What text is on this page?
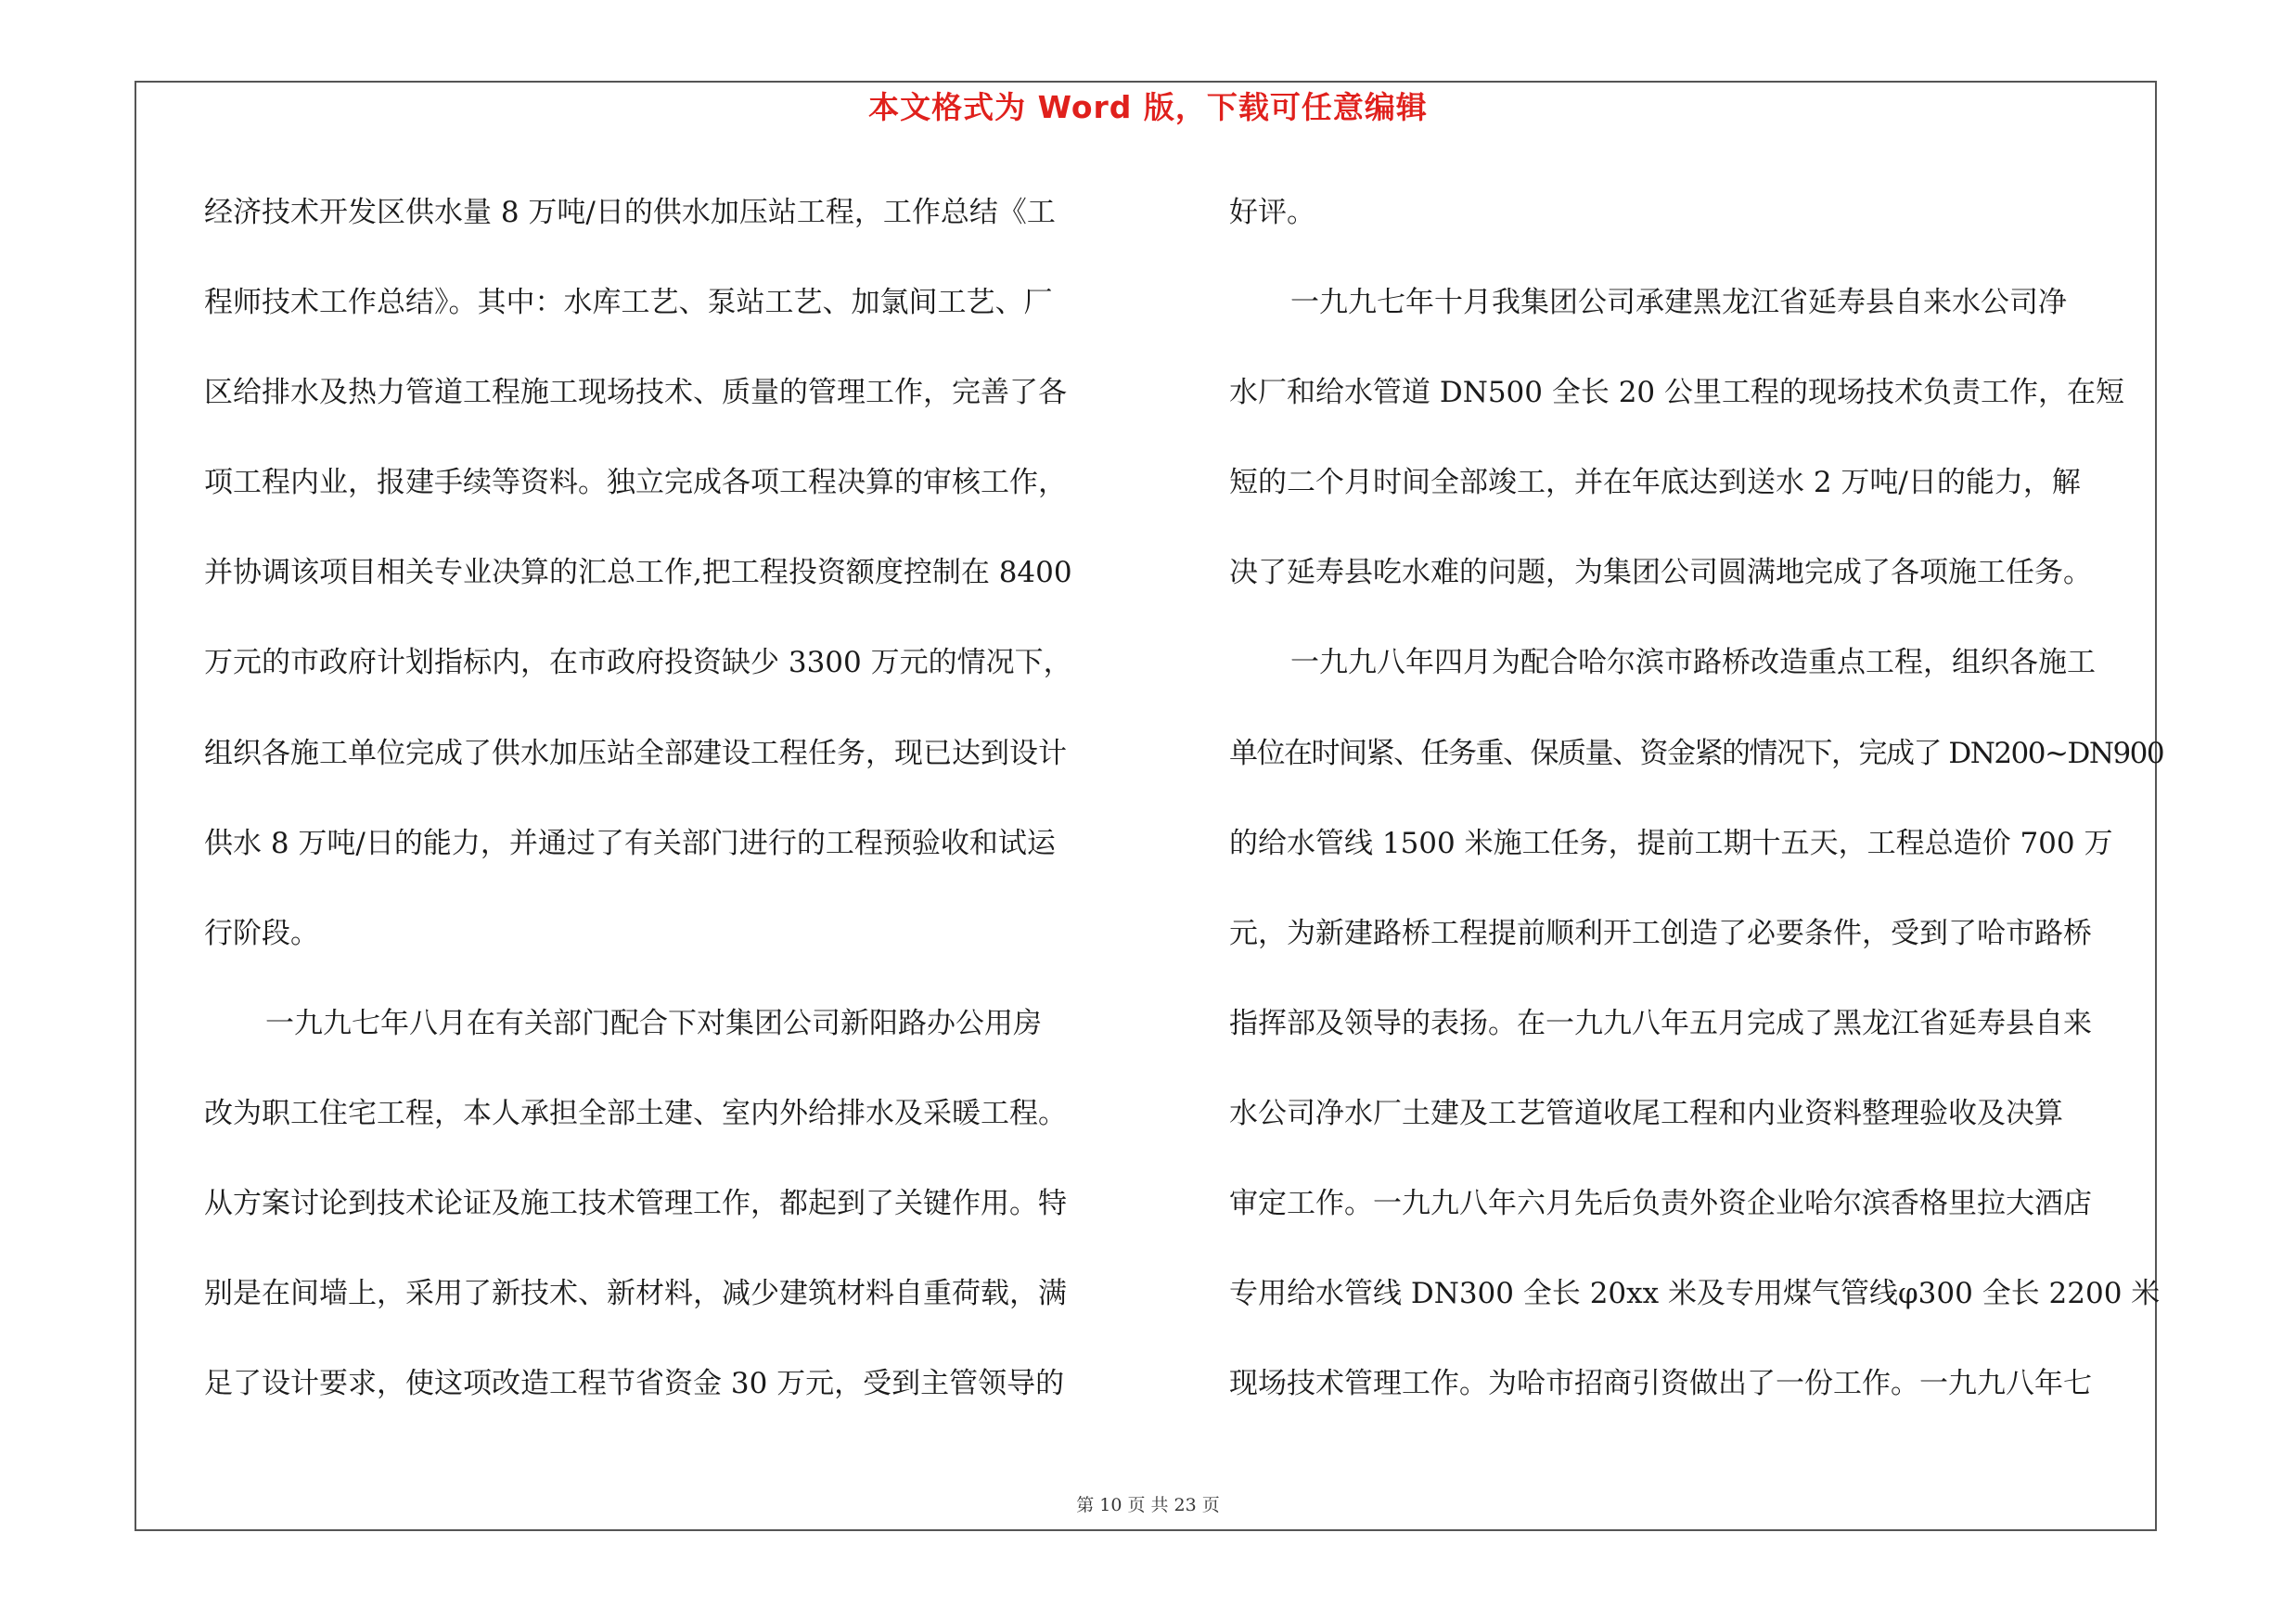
本文格式为 Word 版，下载可任意编辑
经济技术开发区供水量 8 万吨/日的供水加压站工程，工作总结《工
程师技术工作总结》。其中：水库工艺、泵站工艺、加氯间工艺、厂
区给排水及热力管道工程施工现场技术、质量的管理工作，完善了各
项工程内业，报建手续等资料。独立完成各项工程决算的审核工作，
并协调该项目相关专业决算的汇总工作,把工程投资额度控制在 8400
万元的市政府计划指标内，在市政府投资缺少 3300 万元的情况下，
组织各施工单位完成了供水加压站全部建设工程任务，现已达到设计
供水 8 万吨/日的能力，并通过了有关部门进行的工程预验收和试运
行阶段。
一九九七年八月在有关部门配合下对集团公司新阳路办公用房
改为职工住宅工程，本人承担全部土建、室内外给排水及采暖工程。
从方案讨论到技术论证及施工技术管理工作，都起到了关键作用。特
别是在间墙上，采用了新技术、新材料，减少建筑材料自重荷载，满
足了设计要求，使这项改造工程节省资金 30 万元，受到主管领导的
好评。
一九九七年十月我集团公司承建黑龙江省延寿县自来水公司净
水厂和给水管道 DN500 全长 20 公里工程的现场技术负责工作，在短
短的二个月时间全部竣工，并在年底达到送水 2 万吨/日的能力，解
决了延寿县吃水难的问题，为集团公司圆满地完成了各项施工任务。
一九九八年四月为配合哈尔滨市路桥改造重点工程，组织各施工
单位在时间紧、任务重、保质量、资金紧的情况下，完成了 DN200~DN900
的给水管线 1500 米施工任务，提前工期十五天，工程总造价 700 万
元，为新建路桥工程提前顺利开工创造了必要条件，受到了哈市路桥
指挥部及领导的表扬。在一九九八年五月完成了黑龙江省延寿县自来
水公司净水厂土建及工艺管道收尾工程和内业资料整理验收及决算
审定工作。一九九八年六月先后负责外资企业哈尔滨香格里拉大酒店
专用给水管线 DN300 全长 20xx 米及专用煤气管线φ300 全长 2200 米
现场技术管理工作。为哈市招商引资做出了一份工作。一九九八年七
第 10 页 共 23 页
